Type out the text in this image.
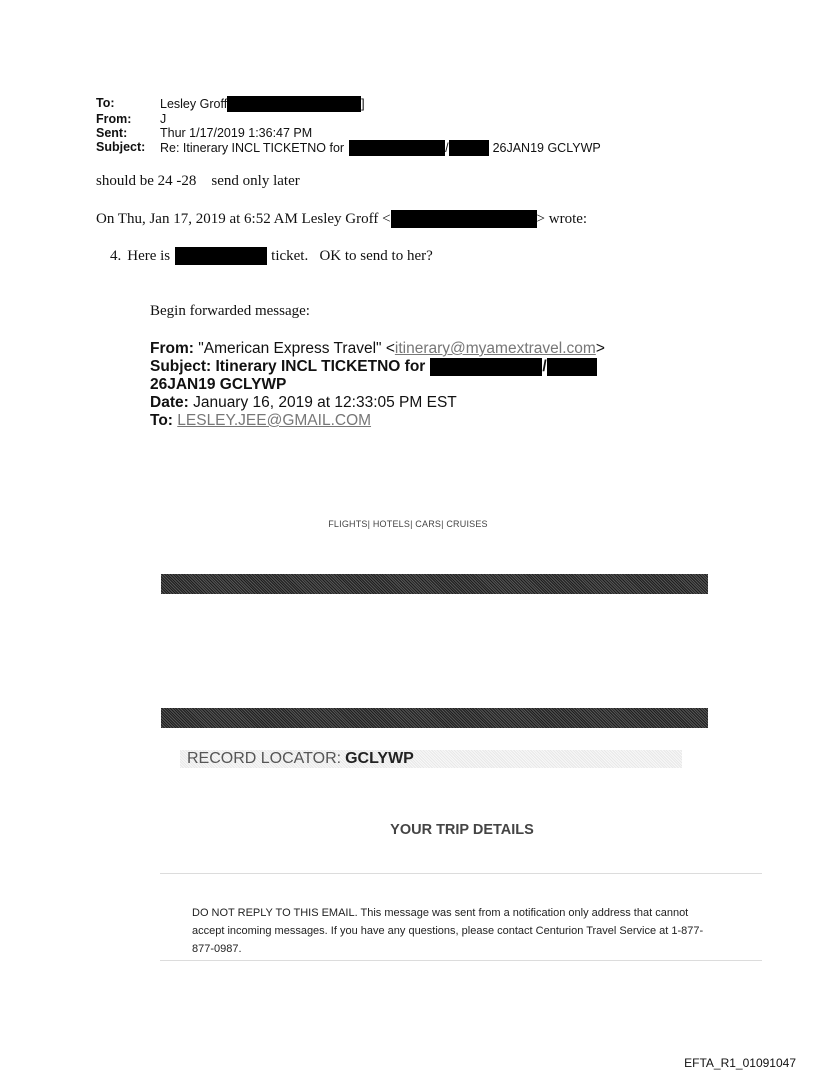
To:	Lesley Groff	]
From:	J
Sent:	Thur 1/17/2019 1:36:47 PM
Subject:	Re: Itinerary INCL TICKETNO for	/	26JAN19 GCLYWP
should be 24 -28    send only later
On Thu, Jan 17, 2019 at 6:52 AM Lesley Groff <	> wrote:
4. Here is	ticket.   OK to send to her?
Begin forwarded message:
From:
"American Express Travel" < itinerary@myamextravel.com >
Subject:
Itinerary INCL TICKETNO for	/
26JAN19 GCLYWP
Date:
January 16, 2019 at 12:33:05 PM EST
To:
LESLEY.JEE@GMAIL.COM
FLIGHTS| HOTELS| CARS| CRUISES
RECORD LOCATOR: GCLYWP
YOUR TRIP DETAILS
DO NOT REPLY TO THIS EMAIL. This message was sent from a notification only address that cannot accept incoming messages. If you have any questions, please contact Centurion Travel Service at 1-877-877-0987.
EFTA_R1_01091047
